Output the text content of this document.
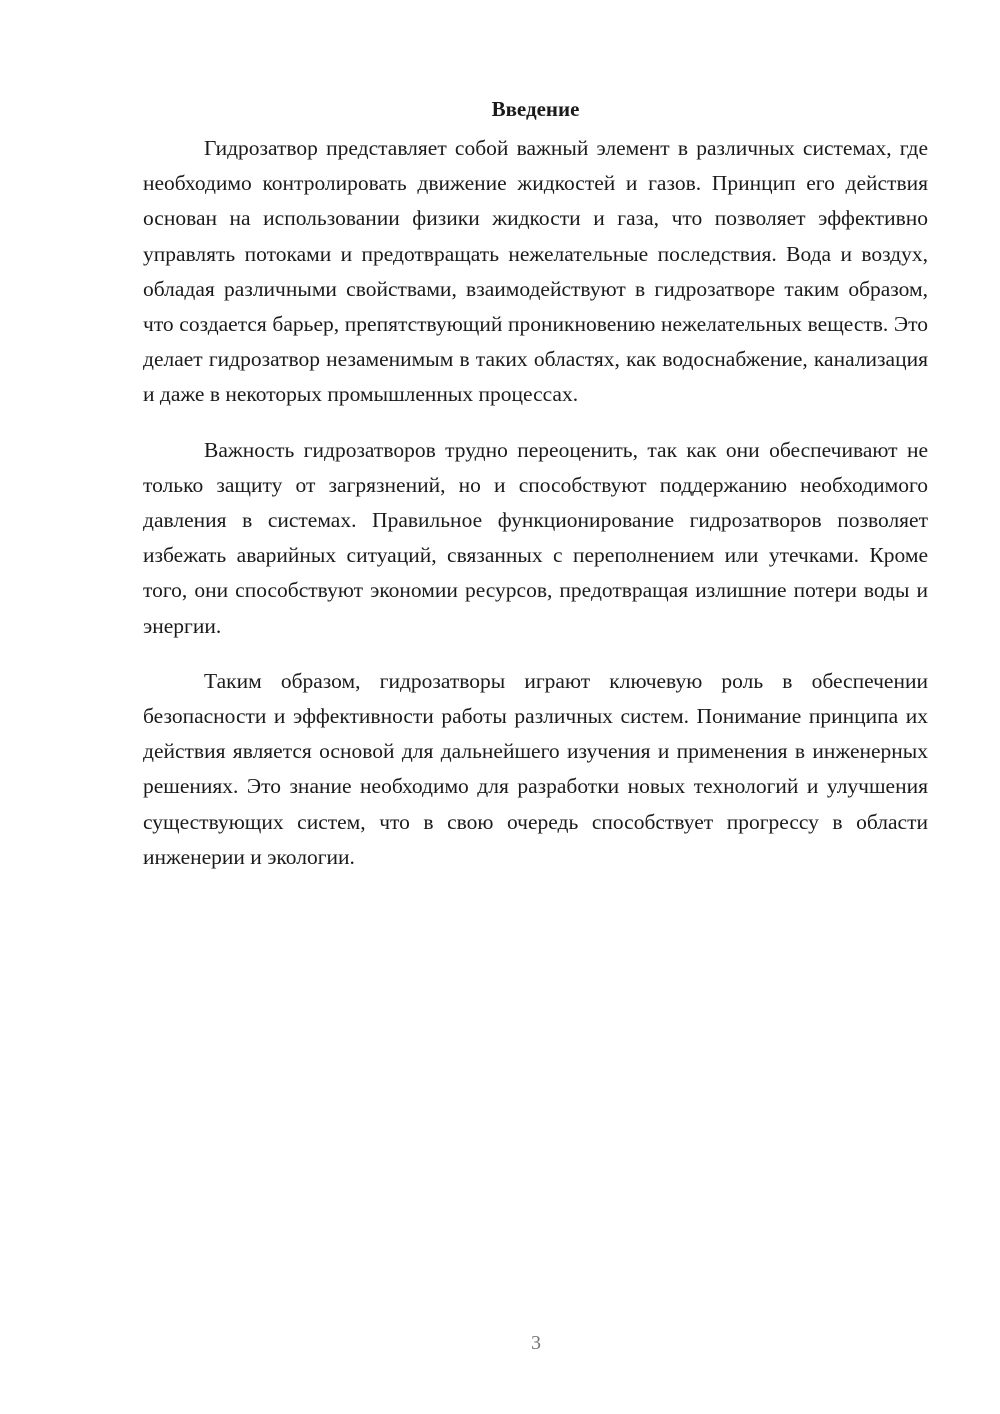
Введение

Гидрозатвор представляет собой важный элемент в различных системах, где необходимо контролировать движение жидкостей и газов. Принцип его действия основан на использовании физики жидкости и газа, что позволяет эффективно управлять потоками и предотвращать нежелательные последствия. Вода и воздух, обладая различными свойствами, взаимодействуют в гидрозатворе таким образом, что создается барьер, препятствующий проникновению нежелательных веществ. Это делает гидрозатвор незаменимым в таких областях, как водоснабжение, канализация и даже в некоторых промышленных процессах.

Важность гидрозатворов трудно переоценить, так как они обеспечивают не только защиту от загрязнений, но и способствуют поддержанию необходимого давления в системах. Правильное функционирование гидрозатворов позволяет избежать аварийных ситуаций, связанных с переполнением или утечками. Кроме того, они способствуют экономии ресурсов, предотвращая излишние потери воды и энергии.

Таким образом, гидрозатворы играют ключевую роль в обеспечении безопасности и эффективности работы различных систем. Понимание принципа их действия является основой для дальнейшего изучения и применения в инженерных решениях. Это знание необходимо для разработки новых технологий и улучшения существующих систем, что в свою очередь способствует прогрессу в области инженерии и экологии.

3
